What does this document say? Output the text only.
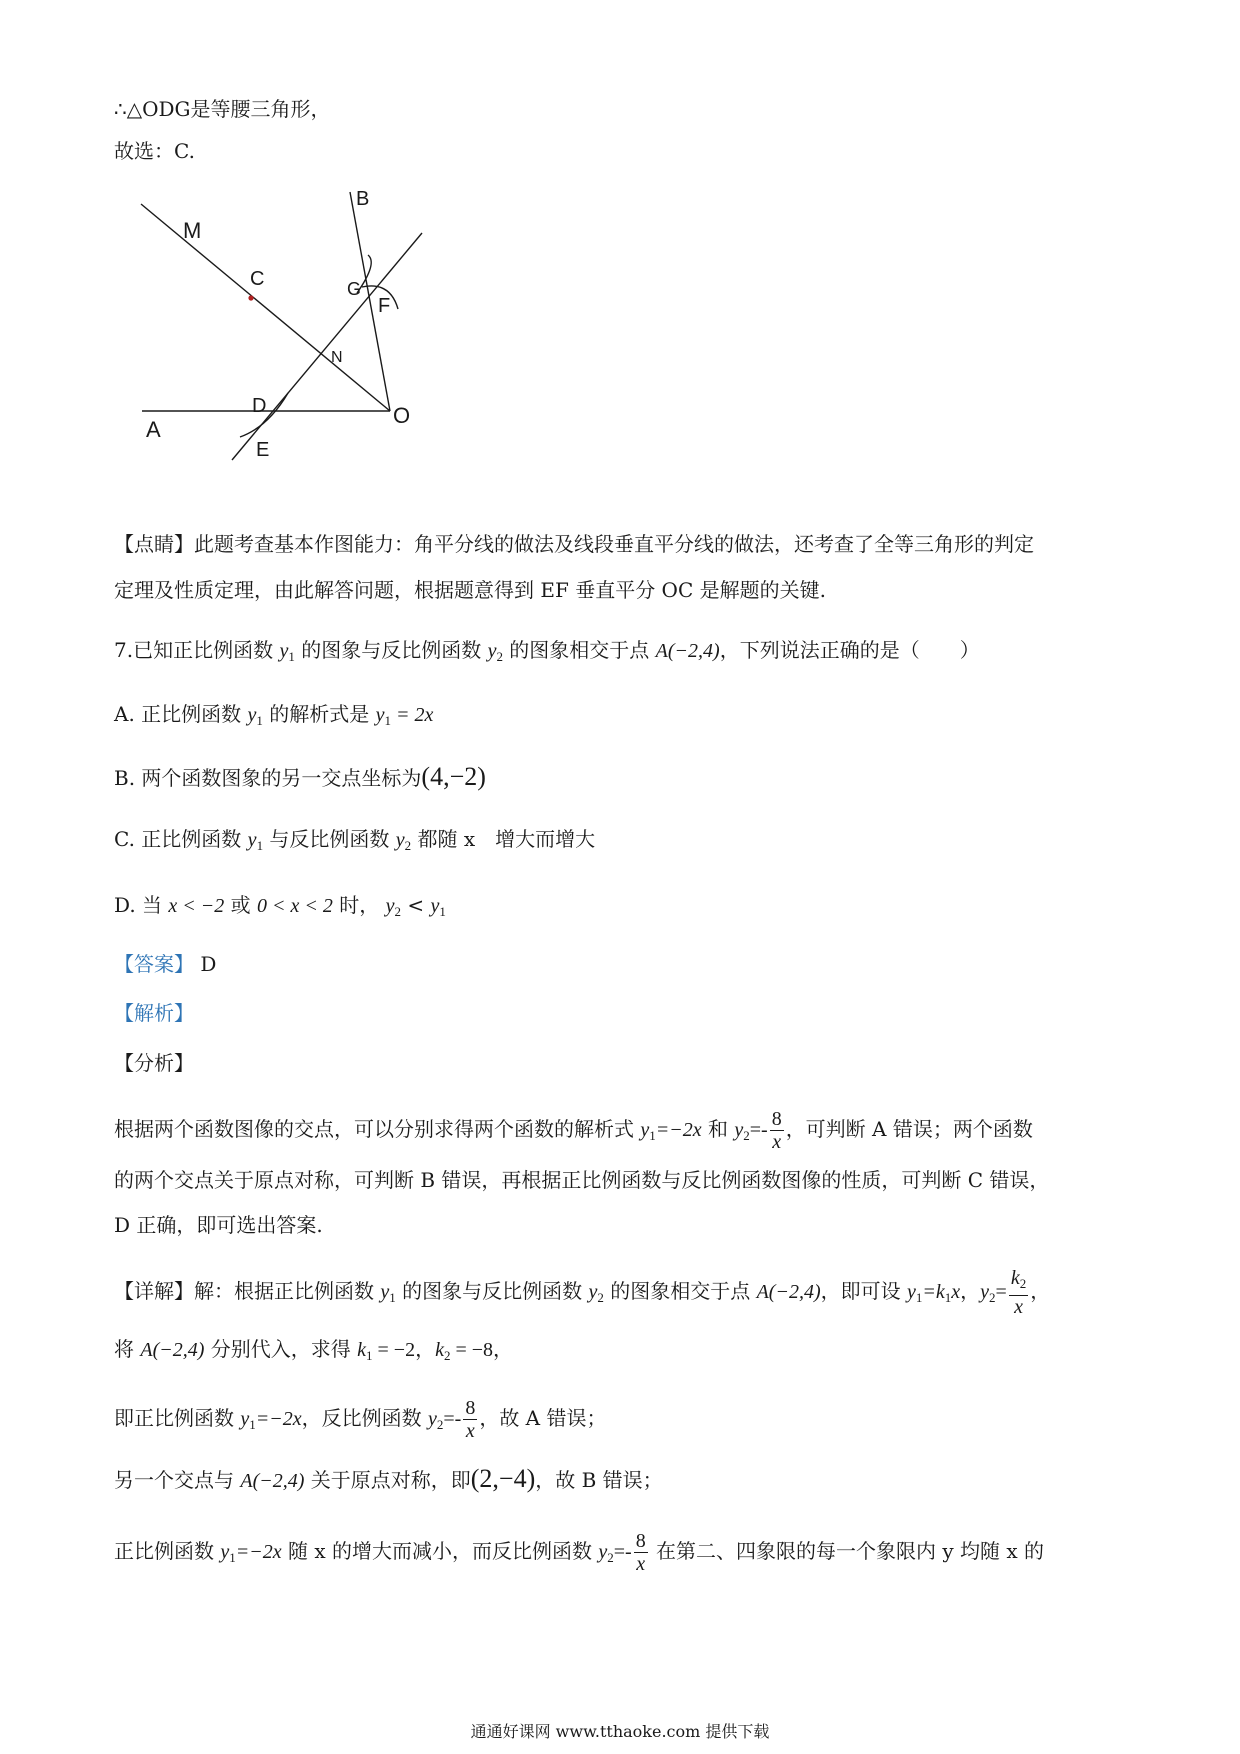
∴△ODG是等腰三角形，
故选：C.
M
B
C	G
F
N
D
E
A
O
【点睛】此题考查基本作图能力：角平分线的做法及线段垂直平分线的做法，还考查了全等三角形的判定
定理及性质定理，由此解答问题，根据题意得到 EF 垂直平分 OC 是解题的关键.
7.已知正比例函数 $y_1$ 的图象与反比例函数 $y_2$ 的图象相交于点 A(−2,4)，下列说法正确的是（　　）
A. 正比例函数 $y_1$ 的解析式是 $y_1 = 2x$
B. 两个函数图象的另一交点坐标为(4,−2)
C. 正比例函数 $y_1$ 与反比例函数 $y_2$ 都随 x　增大而增大
D. 当 x < −2 或 0 < x < 2 时， $y_2 < y_1$
【答案】 D
【解析】
【分析】
根据两个函数图像的交点，可以分别求得两个函数的解析式 $y_1=-2x$ 和 $y_2=- \frac{8}{x}$ ，可判断 A 错误；两个函数
的两个交点关于原点对称，可判断 B 错误，再根据正比例函数与反比例函数图像的性质，可判断 C 错误，
D 正确，即可选出答案.
【详解】解：根据正比例函数 $y_1$ 的图象与反比例函数 $y_2$ 的图象相交于点 A(−2,4)，即可设 $y_1=k_1x$，$y_2= \frac{k_2}{x}$ ，
将 A(−2,4) 分别代入，求得 $k_1 = -2$，$k_2 = -8$，
即正比例函数 $y_1=-2x$，反比例函数 $y_2=- \frac{8}{x}$ ，故 A 错误；
另一个交点与 A(−2,4) 关于原点对称，即(2,−4)，故 B 错误；
正比例函数 $y_1=-2x$ 随 x 的增大而减小，而反比例函数 $y_2=- \frac{8}{x}$ 在第二、四象限的每一个象限内 y 均随 x 的
通通好课网 www.tthaoke.com 提供下载
